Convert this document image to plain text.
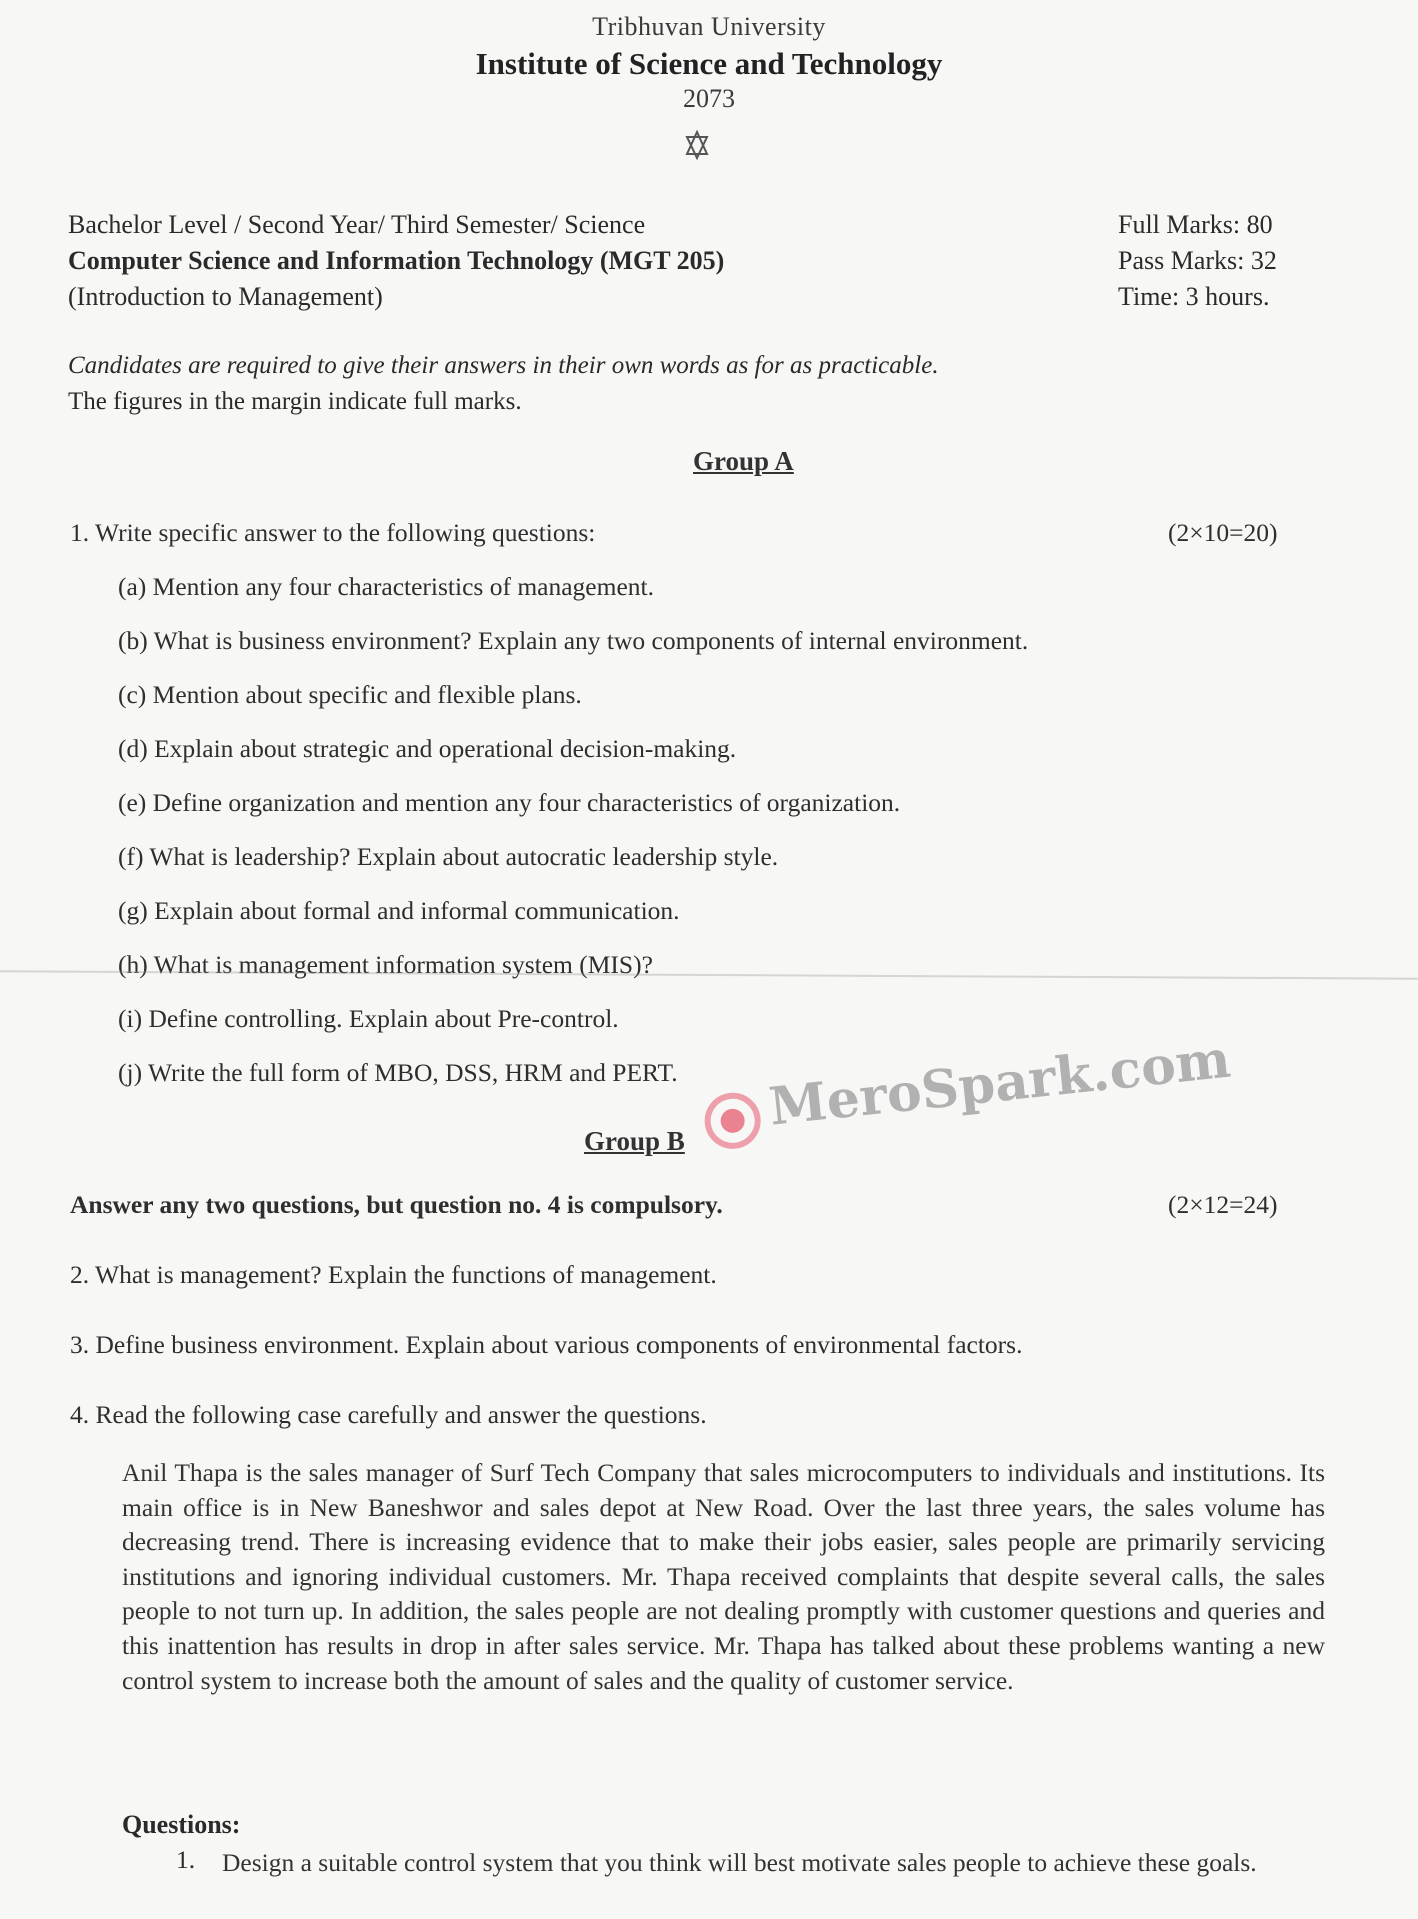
Tribhuvan University
Institute of Science and Technology
2073
Bachelor Level / Second Year/ Third Semester/ Science
Computer Science and Information Technology (MGT 205)
(Introduction to Management)
Full Marks: 80
Pass Marks: 32
Time: 3 hours.
Candidates are required to give their answers in their own words as for as practicable.
The figures in the margin indicate full marks.
Group A
1. Write specific answer to the following questions:	(2×10=20)
(a) Mention any four characteristics of management.
(b) What is business environment? Explain any two components of internal environment.
(c) Mention about specific and flexible plans.
(d) Explain about strategic and operational decision-making.
(e) Define organization and mention any four characteristics of organization.
(f) What is leadership? Explain about autocratic leadership style.
(g) Explain about formal and informal communication.
(h) What is management information system (MIS)?
(i) Define controlling. Explain about Pre-control.
(j) Write the full form of MBO, DSS, HRM and PERT.
Group B
Answer any two questions, but question no. 4 is compulsory.	(2×12=24)
2. What is management? Explain the functions of management.
3. Define business environment. Explain about various components of environmental factors.
4. Read the following case carefully and answer the questions.
Anil Thapa is the sales manager of Surf Tech Company that sales microcomputers to individuals and institutions. Its main office is in New Baneshwor and sales depot at New Road. Over the last three years, the sales volume has decreasing trend. There is increasing evidence that to make their jobs easier, sales people are primarily servicing institutions and ignoring individual customers. Mr. Thapa received complaints that despite several calls, the sales people to not turn up. In addition, the sales people are not dealing promptly with customer questions and queries and this inattention has results in drop in after sales service. Mr. Thapa has talked about these problems wanting a new control system to increase both the amount of sales and the quality of customer service.
Questions:
1. Design a suitable control system that you think will best motivate sales people to achieve these goals.
MeroSpark.com
